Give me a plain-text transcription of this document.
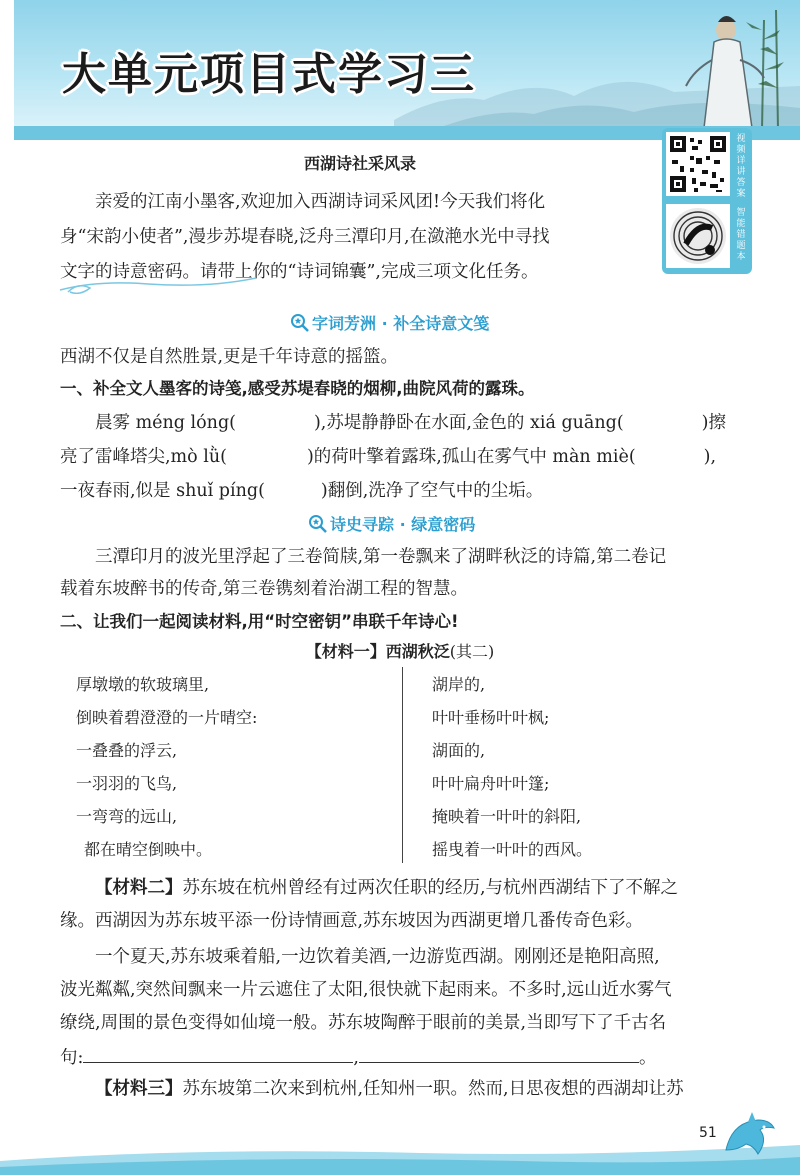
大单元项目式学习三
视
频
详
讲
答
案
智
能
错
题
本
西湖诗社采风录
亲爱的江南小墨客,欢迎加入西湖诗词采风团!今天我们将化
身“宋韵小使者”,漫步苏堤春晓,泛舟三潭印月,在潋滟水光中寻找
文字的诗意密码。请带上你的“诗词锦囊”,完成三项文化任务。
字词芳洲 · 补全诗意文笺
西湖不仅是自然胜景,更是千年诗意的摇篮。
一、补全文人墨客的诗笺,感受苏堤春晓的烟柳,曲院风荷的露珠。
晨雾 méng lóng(	),苏堤静静卧在水面,金色的 xiá guāng(	)擦
亮了雷峰塔尖,mò lǜ(	)的荷叶擎着露珠,孤山在雾气中 màn miè(	),
一夜春雨,似是 shuǐ píng(	)翻倒,洗净了空气中的尘垢。
诗史寻踪 · 绿意密码
三潭印月的波光里浮起了三卷简牍,第一卷飘来了湖畔秋泛的诗篇,第二卷记
载着东坡醉书的传奇,第三卷镌刻着治湖工程的智慧。
二、让我们一起阅读材料,用“时空密钥”串联千年诗心!
【材料一】西湖秋泛(其二)
厚墩墩的软玻璃里,
倒映着碧澄澄的一片晴空:
一叠叠的浮云,
一羽羽的飞鸟,
一弯弯的远山,
都在晴空倒映中。
湖岸的,
叶叶垂杨叶叶枫;
湖面的,
叶叶扁舟叶叶篷;
掩映着一叶叶的斜阳,
摇曳着一叶叶的西风。
【材料二】苏东坡在杭州曾经有过两次任职的经历,与杭州西湖结下了不解之
缘。西湖因为苏东坡平添一份诗情画意,苏东坡因为西湖更增几番传奇色彩。
一个夏天,苏东坡乘着船,一边饮着美酒,一边游览西湖。刚刚还是艳阳高照,
波光粼粼,突然间飘来一片云遮住了太阳,很快就下起雨来。不多时,远山近水雾气
缭绕,周围的景色变得如仙境一般。苏东坡陶醉于眼前的美景,当即写下了千古名
句:	,	。
【材料三】苏东坡第二次来到杭州,任知州一职。然而,日思夜想的西湖却让苏
51
